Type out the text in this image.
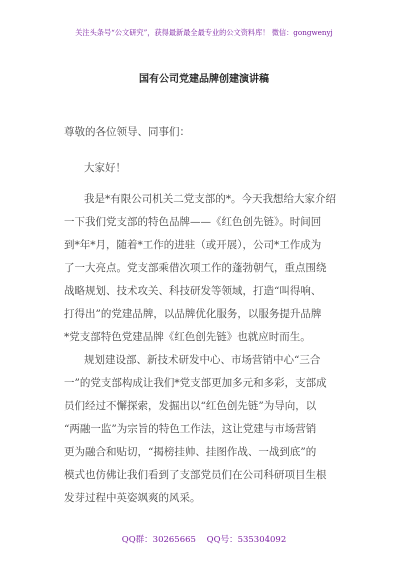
关注头条号“公文研究”，获得最新最全最专业的公文资料库！ 微信：gongwenyj
国有公司党建品牌创建演讲稿
尊敬的各位领导、同事们：
大家好！
我是*有限公司机关二党支部的*。今天我想给大家介绍
一下我们党支部的特色品牌——《红色创先链》。时间回
到*年*月，随着*工作的进驻（或开展），公司*工作成为
了一大亮点。党支部乘借次项工作的蓬勃朝气，重点围绕
战略规划、技术攻关、科技研发等领域，打造“叫得响、
打得出”的党建品牌，以品牌优化服务，以服务提升品牌
*党支部特色党建品牌《红色创先链》也就应时而生。
规划建设部、新技术研发中心、市场营销中心“三合
一”的党支部构成让我们*党支部更加多元和多彩，支部成
员们经过不懈探索，发掘出以“红色创先链”为导向，以
“两融一监”为宗旨的特色工作法，这让党建与市场营销
更为融合和贴切，“揭榜挂帅、挂图作战、一战到底”的
模式也仿佛让我们看到了支部党员们在公司科研项目生根
发芽过程中英姿飒爽的风采。
QQ群：30265665 QQ号：535304092
